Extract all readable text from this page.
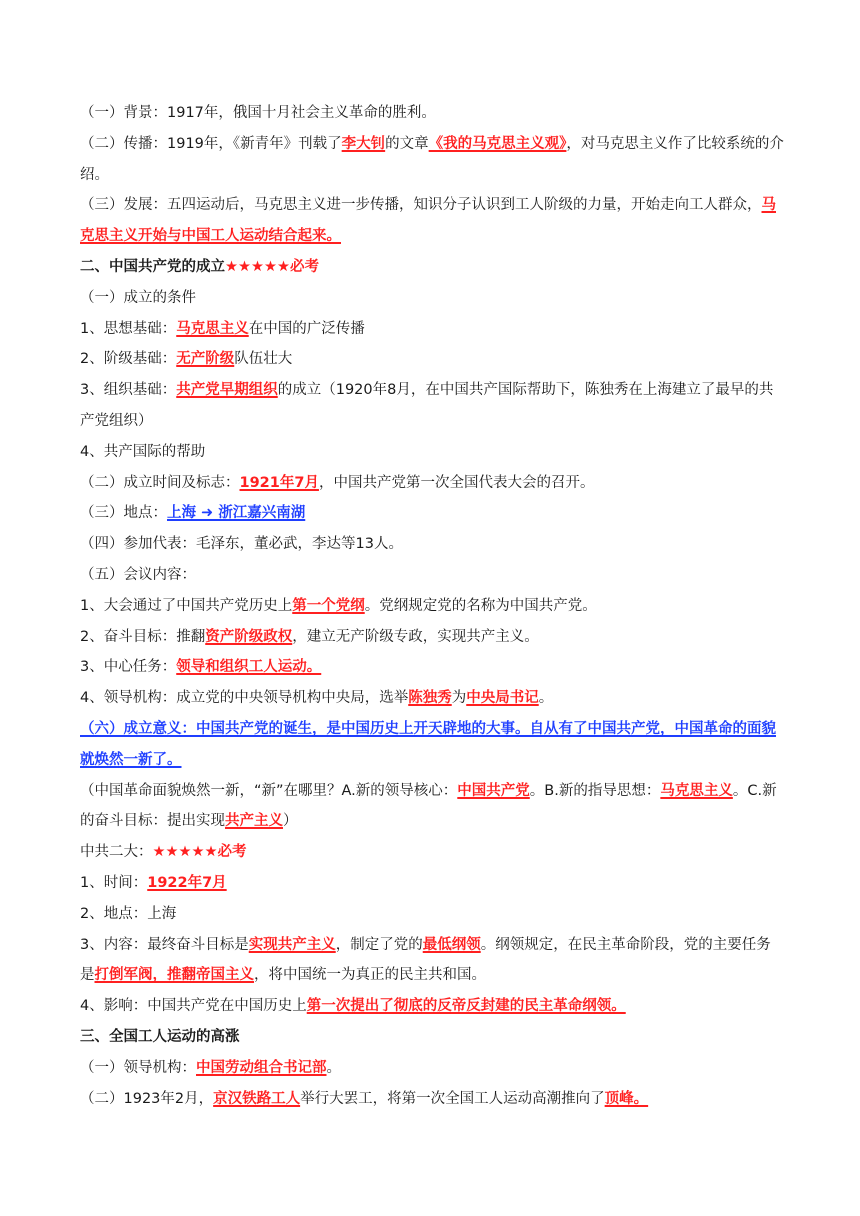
（一）背景：1917年，俄国十月社会主义革命的胜利。
（二）传播：1919年，《新青年》刊载了李大钊的文章《我的马克思主义观》，对马克思主义作了比较系统的介绍。
（三）发展：五四运动后，马克思主义进一步传播，知识分子认识到工人阶级的力量，开始走向工人群众，马克思主义开始与中国工人运动结合起来。
二、中国共产党的成立★★★★★必考
（一）成立的条件
1、思想基础：马克思主义在中国的广泛传播
2、阶级基础：无产阶级队伍壮大
3、组织基础：共产党早期组织的成立（1920年8月，在中国共产国际帮助下，陈独秀在上海建立了最早的共产党组织）
4、共产国际的帮助
（二）成立时间及标志：1921年7月，中国共产党第一次全国代表大会的召开。
（三）地点：上海 ➜ 浙江嘉兴南湖
（四）参加代表：毛泽东，董必武，李达等13人。
（五）会议内容：
1、大会通过了中国共产党历史上第一个党纲。党纲规定党的名称为中国共产党。
2、奋斗目标：推翻资产阶级政权，建立无产阶级专政，实现共产主义。
3、中心任务：领导和组织工人运动。
4、领导机构：成立党的中央领导机构中央局，选举陈独秀为中央局书记。
（六）成立意义：中国共产党的诞生，是中国历史上开天辟地的大事。自从有了中国共产党，中国革命的面貌就焕然一新了。
（中国革命面貌焕然一新，“新”在哪里？A.新的领导核心：中国共产党。B.新的指导思想：马克思主义。C.新的奋斗目标：提出实现共产主义）
中共二大：★★★★★必考
1、时间：1922年7月
2、地点：上海
3、内容：最终奋斗目标是实现共产主义，制定了党的最低纲领。纲领规定，在民主革命阶段，党的主要任务是打倒军阀，推翻帝国主义，将中国统一为真正的民主共和国。
4、影响：中国共产党在中国历史上第一次提出了彻底的反帝反封建的民主革命纲领。
三、全国工人运动的高涨
（一）领导机构：中国劳动组合书记部。
（二）1923年2月，京汉铁路工人举行大罢工，将第一次全国工人运动高潮推向了顶峰。
